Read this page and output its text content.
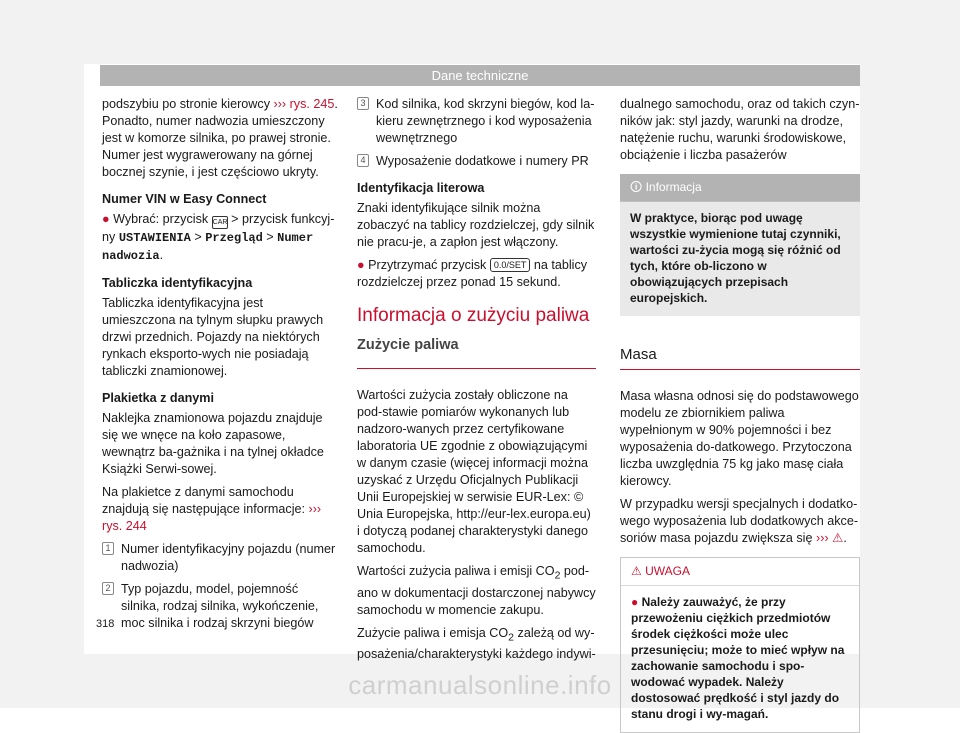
Dane techniczne

podszybiu po stronie kierowcy ››› rys. 245. Ponadto, numer nadwozia umieszczony jest w komorze silnika, po prawej stronie. Numer jest wygrawerowany na górnej bocznej szynie, i jest częściowo ukryty.

Numer VIN w Easy Connect

● Wybrać: przycisk CAR > przycisk funkcyj-ny USTAWIENIA > Przegląd > Numer nadwozia.

Tabliczka identyfikacyjna

Tabliczka identyfikacyjna jest umieszczona na tylnym słupku prawych drzwi przednich. Pojazdy na niektórych rynkach eksporto-wych nie posiadają tabliczki znamionowej.

Plakietka z danymi

Naklejka znamionowa pojazdu znajduje się we wnęce na koło zapasowe, wewnątrz ba-gażnika i na tylnej okładce Książki Serwi-sowej.

Na plakietce z danymi samochodu znajdują się następujące informacje: ››› rys. 244

1 Numer identyfikacyjny pojazdu (numer nadwozia)
2 Typ pojazdu, model, pojemność silnika, rodzaj silnika, wykończenie, moc silnika i rodzaj skrzyni biegów
3 Kod silnika, kod skrzyni biegów, kod la-kieru zewnętrznego i kod wyposażenia wewnętrznego
4 Wyposażenie dodatkowe i numery PR
Identyfikacja literowa

Znaki identyfikujące silnik można zobaczyć na tablicy rozdzielczej, gdy silnik nie pracu-je, a zapłon jest włączony.

● Przytrzymać przycisk 0.0/SET na tablicy rozdzielczej przez ponad 15 sekund.

Informacja o zużyciu paliwa
Zużycie paliwa

Wartości zużycia zostały obliczone na pod-stawie pomiarów wykonanych lub nadzoro-wanych przez certyfikowane laboratoria UE zgodnie z obowiązującymi w danym czasie (więcej informacji można uzyskać z Urzędu Oficjalnych Publikacji Unii Europejskiej w serwisie EUR-Lex: © Unia Europejska, http://eur-lex.europa.eu) i dotyczą podanej charakterystyki danego samochodu.

Wartości zużycia paliwa i emisji $CO_2$ pod-ano w dokumentacji dostarczonej nabywcy samochodu w momencie zakupu.

Zużycie paliwa i emisja $CO_2$ zależą od wy-posażenia/charakterystyki każdego indywi-

dualnego samochodu, oraz od takich czyn-ników jak: styl jazdy, warunki na drodze, natężenie ruchu, warunki środowiskowe, obciążenie i liczba pasażerów

🛈 Informacja
W praktyce, biorąc pod uwagę wszystkie wymienione tutaj czynniki, wartości zu-życia mogą się różnić od tych, które ob-liczono w obowiązujących przepisach europejskich.
Masa

Masa własna odnosi się do podstawowego modelu ze zbiornikiem paliwa wypełnionym w 90% pojemności i bez wyposażenia do-datkowego. Przytoczona liczba uwzględnia 75 kg jako masę ciała kierowcy.

W przypadku wersji specjalnych i dodatko-wego wyposażenia lub dodatkowych akce-soriów masa pojazdu zwiększa się ››› ⚠.

⚠ UWAGA
● Należy zauważyć, że przy przewożeniu ciężkich przedmiotów środek ciężkości może ulec przesunięciu; może to mieć wpływ na zachowanie samochodu i spo-wodować wypadek. Należy dostosować prędkość i styl jazdy do stanu drogi i wy-magań.
318
carmanualsonline.info
